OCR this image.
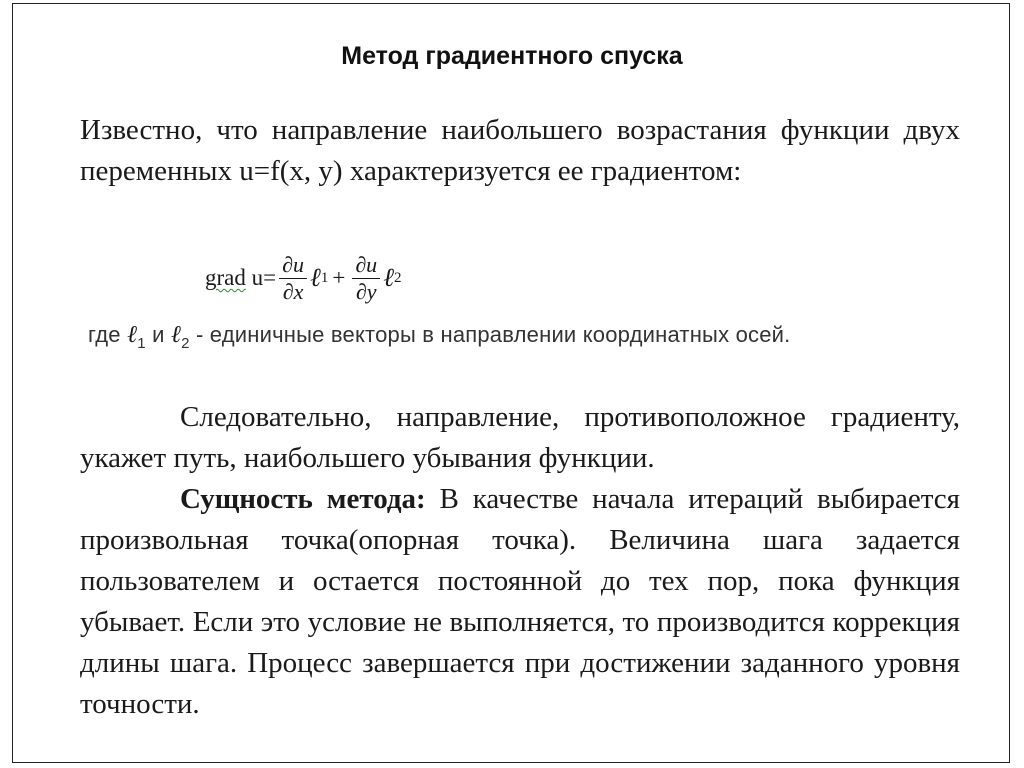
Метод градиентного спуска

Известно, что направление наибольшего возрастания функции двух переменных u=f(x, y) характеризуется ее градиентом:

grad
$u= \frac{\partial u}{\partial x}$ ℓ $1 + \frac{\partial u}{\partial y}$ ℓ 2
где ℓ$_1$ и ℓ$_2$ - единичные векторы в направлении координатных осей.

Следовательно, направление, противоположное градиенту, укажет путь, наибольшего убывания функции.

Сущность метода: В качестве начала итераций выбирается произвольная точка(опорная точка). Величина шага задается пользователем и остается постоянной до тех пор, пока функция убывает. Если это условие не выполняется, то производится коррекция длины шага. Процесс завершается при достижении заданного уровня точности.
